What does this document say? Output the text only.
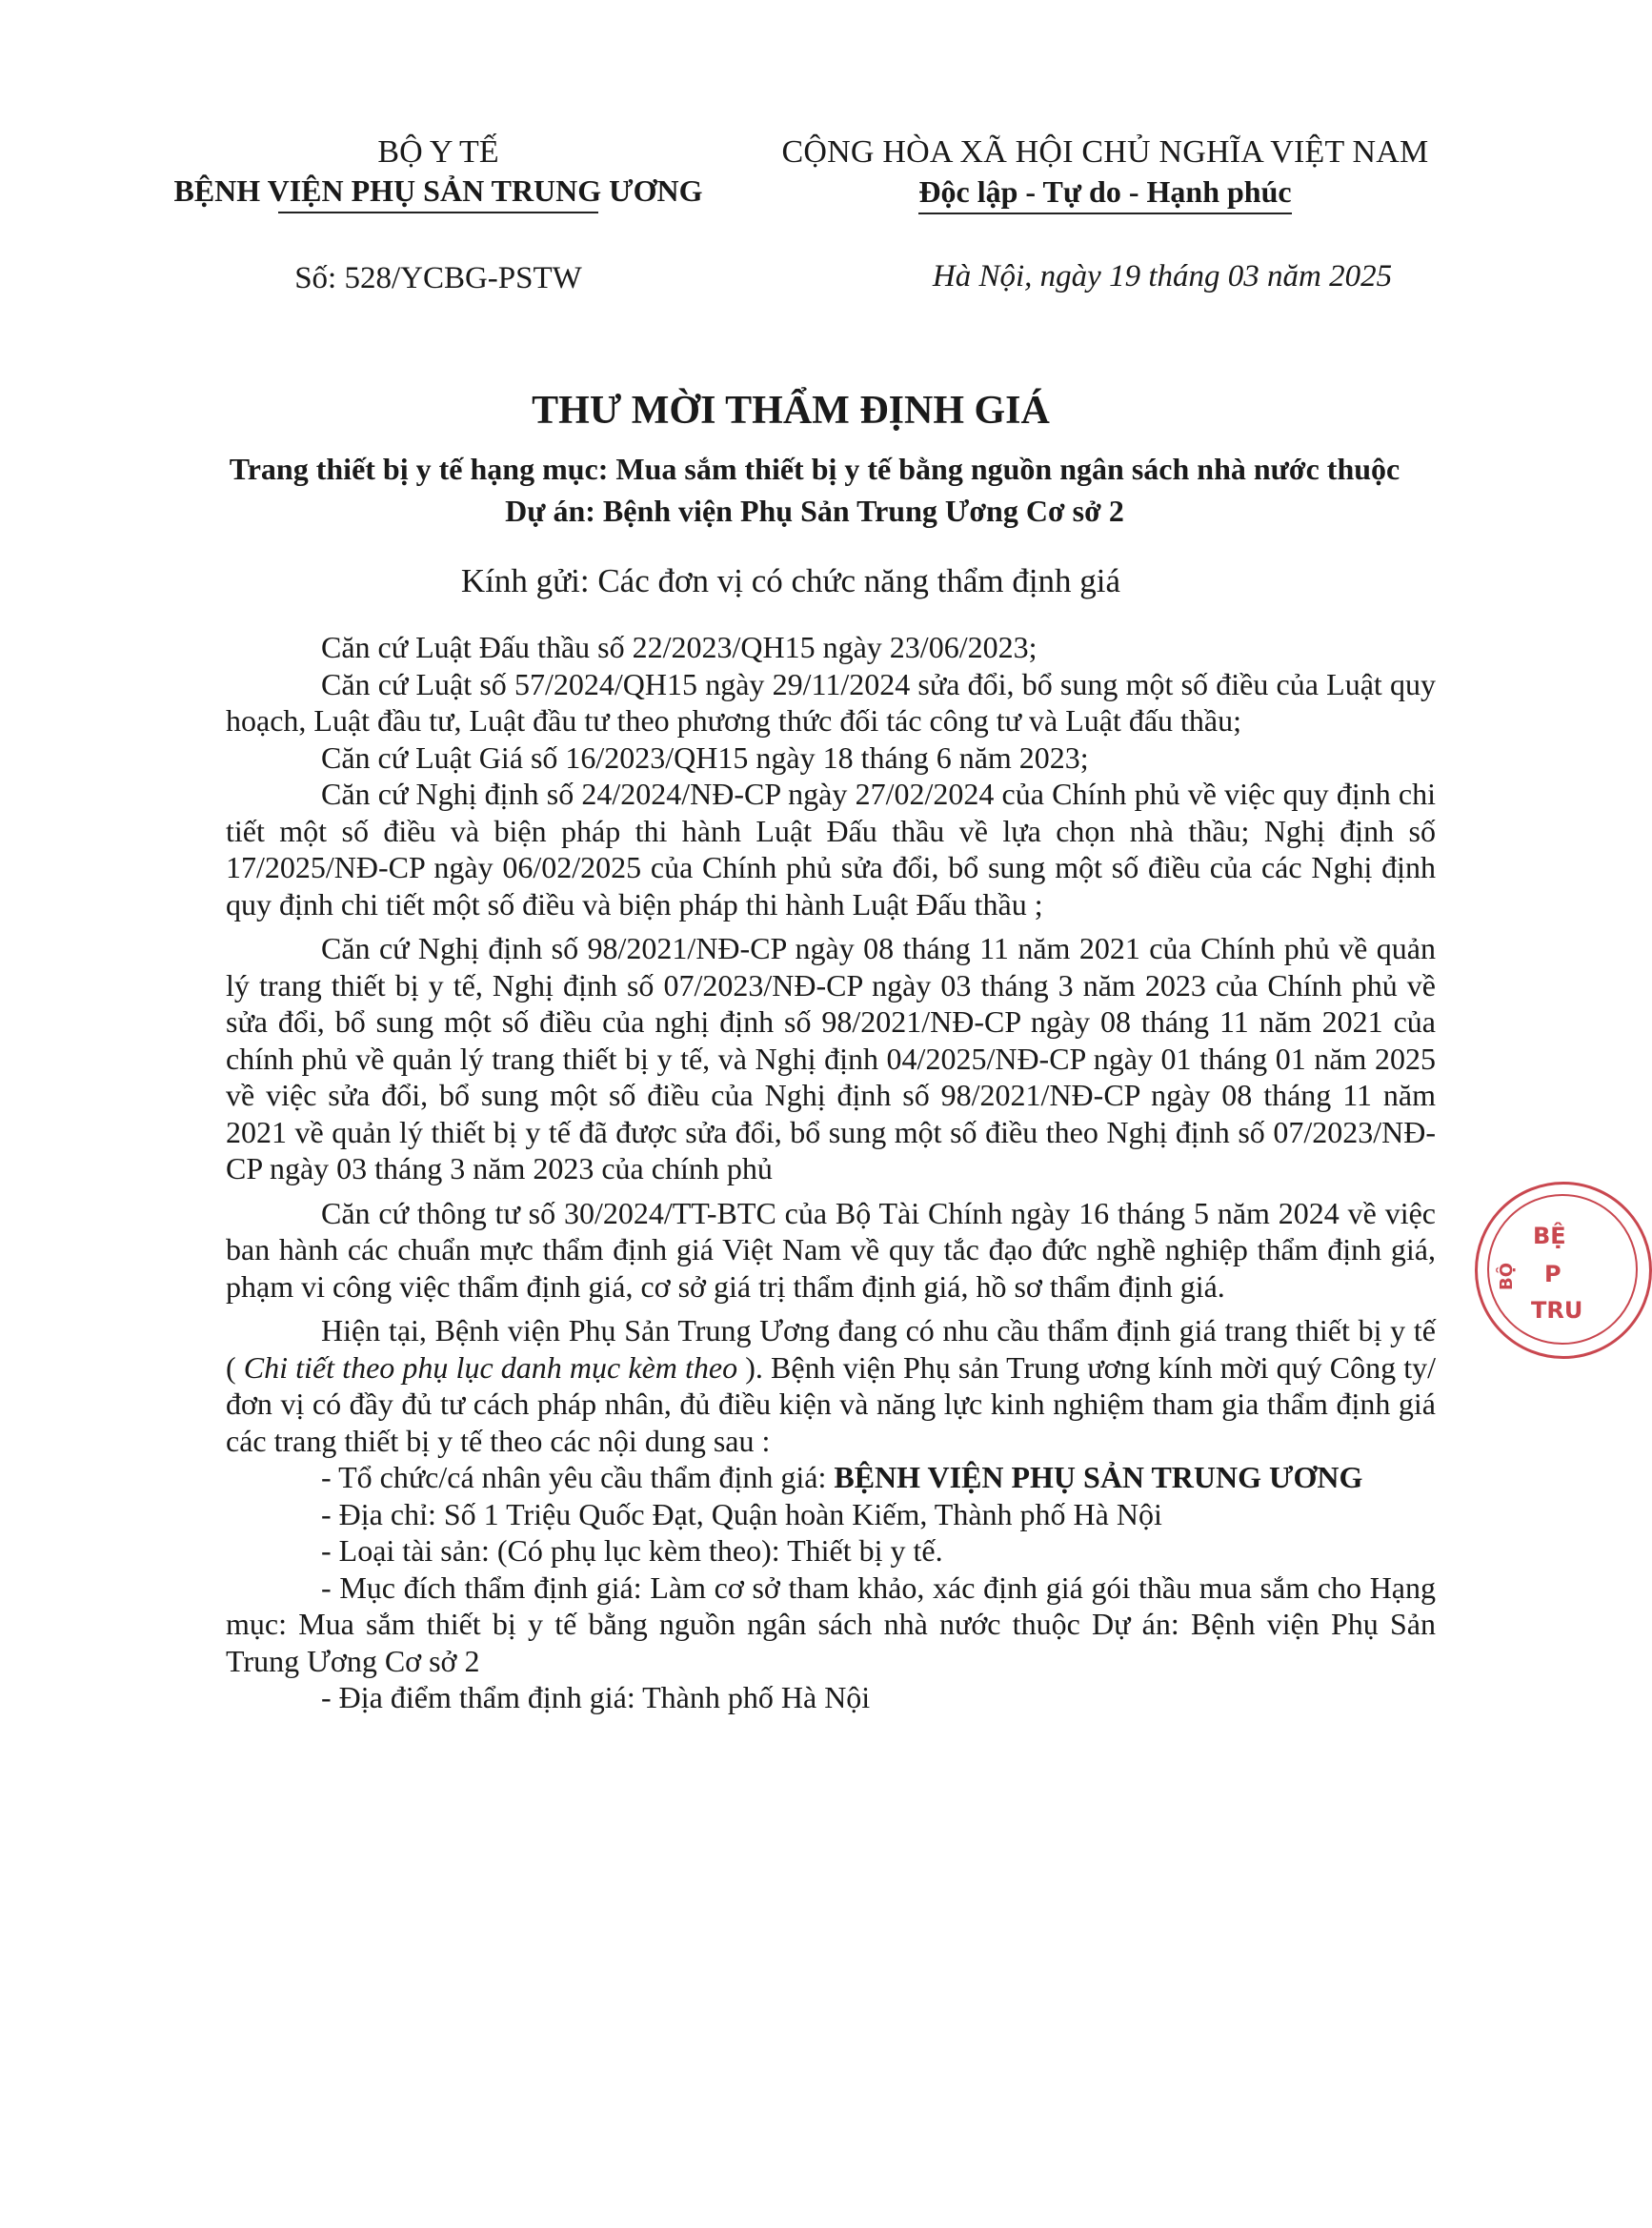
BỘ Y TẾ
BỆNH VIỆN PHỤ SẢN TRUNG ƯƠNG
Số: 528/YCBG-PSTW
CỘNG HÒA XÃ HỘI CHỦ NGHĨA VIỆT NAM
Độc lập - Tự do - Hạnh phúc
Hà Nội, ngày 19 tháng 03 năm 2025
THƯ MỜI THẨM ĐỊNH GIÁ
Trang thiết bị y tế hạng mục: Mua sắm thiết bị y tế bằng nguồn ngân sách nhà nước thuộc Dự án: Bệnh viện Phụ Sản Trung Ương Cơ sở 2
Kính gửi: Các đơn vị có chức năng thẩm định giá

Căn cứ Luật Đấu thầu số 22/2023/QH15 ngày 23/06/2023;

Căn cứ Luật số 57/2024/QH15 ngày 29/11/2024 sửa đổi, bổ sung một số điều của Luật quy hoạch, Luật đầu tư, Luật đầu tư theo phương thức đối tác công tư và Luật đấu thầu;

Căn cứ Luật Giá số 16/2023/QH15 ngày 18 tháng 6 năm 2023;

Căn cứ Nghị định số 24/2024/NĐ-CP ngày 27/02/2024 của Chính phủ về việc quy định chi tiết một số điều và biện pháp thi hành Luật Đấu thầu về lựa chọn nhà thầu; Nghị định số 17/2025/NĐ-CP ngày 06/02/2025 của Chính phủ sửa đổi, bổ sung một số điều của các Nghị định quy định chi tiết một số điều và biện pháp thi hành Luật Đấu thầu ;

Căn cứ Nghị định số 98/2021/NĐ-CP ngày 08 tháng 11 năm 2021 của Chính phủ về quản lý trang thiết bị y tế, Nghị định số 07/2023/NĐ-CP ngày 03 tháng 3 năm 2023 của Chính phủ về sửa đổi, bổ sung một số điều của nghị định số 98/2021/NĐ-CP ngày 08 tháng 11 năm 2021 của chính phủ về quản lý trang thiết bị y tế, và Nghị định 04/2025/NĐ-CP ngày 01 tháng 01 năm 2025 về việc sửa đổi, bổ sung một số điều của Nghị định số 98/2021/NĐ-CP ngày 08 tháng 11 năm 2021 về quản lý thiết bị y tế đã được sửa đổi, bổ sung một số điều theo Nghị định số 07/2023/NĐ-CP ngày 03 tháng 3 năm 2023 của chính phủ

Căn cứ thông tư số 30/2024/TT-BTC của Bộ Tài Chính ngày 16 tháng 5 năm 2024 về việc ban hành các chuẩn mực thẩm định giá Việt Nam về quy tắc đạo đức nghề nghiệp thẩm định giá, phạm vi công việc thẩm định giá, cơ sở giá trị thẩm định giá, hồ sơ thẩm định giá.

Hiện tại, Bệnh viện Phụ Sản Trung Ương đang có nhu cầu thẩm định giá trang thiết bị y tế ( Chi tiết theo phụ lục danh mục kèm theo ). Bệnh viện Phụ sản Trung ương kính mời quý Công ty/đơn vị có đầy đủ tư cách pháp nhân, đủ điều kiện và năng lực kinh nghiệm tham gia thẩm định giá các trang thiết bị y tế theo các nội dung sau :

- Tổ chức/cá nhân yêu cầu thẩm định giá: BỆNH VIỆN PHỤ SẢN TRUNG ƯƠNG

- Địa chỉ: Số 1 Triệu Quốc Đạt, Quận hoàn Kiếm, Thành phố Hà Nội

- Loại tài sản: (Có phụ lục kèm theo): Thiết bị y tế.

- Mục đích thẩm định giá: Làm cơ sở tham khảo, xác định giá gói thầu mua sắm cho Hạng mục: Mua sắm thiết bị y tế bằng nguồn ngân sách nhà nước thuộc Dự án: Bệnh viện Phụ Sản Trung Ương Cơ sở 2

- Địa điểm thẩm định giá: Thành phố Hà Nội

BỘ
BỆ
P
TRU
